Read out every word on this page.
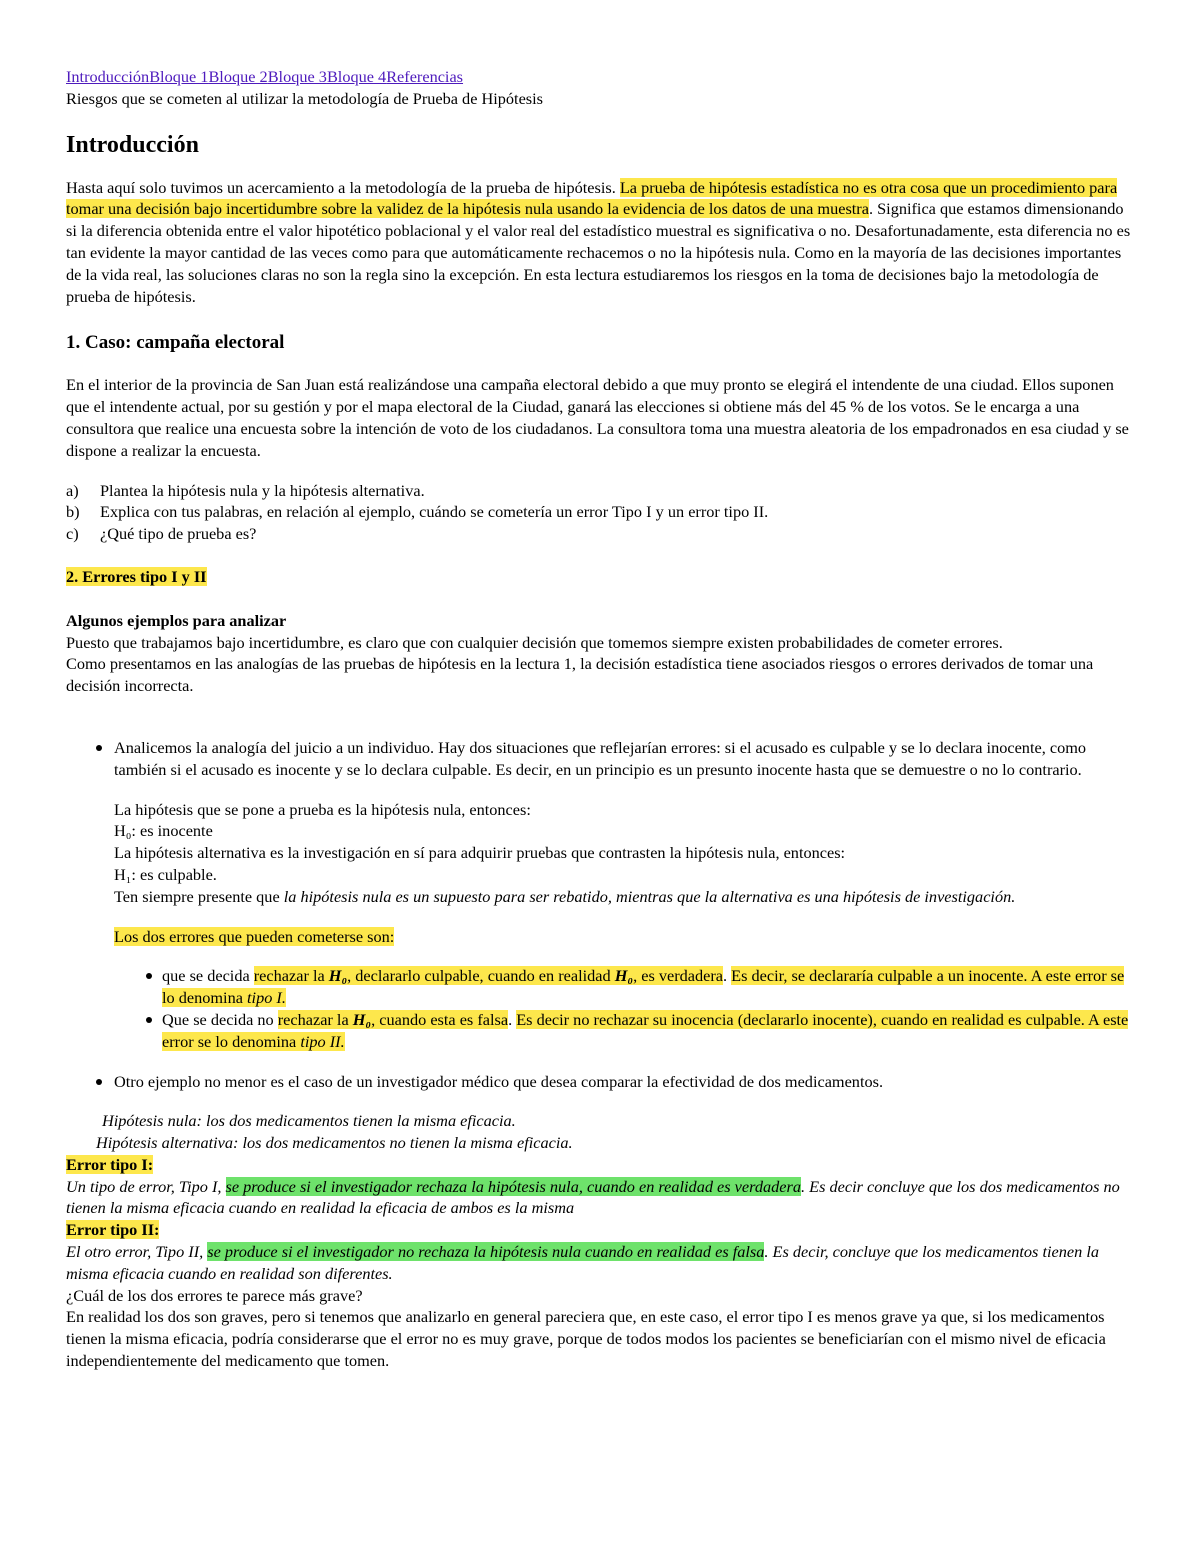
IntroducciónBloque 1Bloque 2Bloque 3Bloque 4Referencias

Riesgos que se cometen al utilizar la metodología de Prueba de Hipótesis

Introducción

Hasta aquí solo tuvimos un acercamiento a la metodología de la prueba de hipótesis. La prueba de hipótesis estadística no es otra cosa que un procedimiento para tomar una decisión bajo incertidumbre sobre la validez de la hipótesis nula usando la evidencia de los datos de una muestra. Significa que estamos dimensionando si la diferencia obtenida entre el valor hipotético poblacional y el valor real del estadístico muestral es significativa o no. Desafortunadamente, esta diferencia no es tan evidente la mayor cantidad de las veces como para que automáticamente rechacemos o no la hipótesis nula. Como en la mayoría de las decisiones importantes de la vida real, las soluciones claras no son la regla sino la excepción. En esta lectura estudiaremos los riesgos en la toma de decisiones bajo la metodología de prueba de hipótesis.

1. Caso: campaña electoral

En el interior de la provincia de San Juan está realizándose una campaña electoral debido a que muy pronto se elegirá el intendente de una ciudad. Ellos suponen que el intendente actual, por su gestión y por el mapa electoral de la Ciudad, ganará las elecciones si obtiene más del 45 % de los votos. Se le encarga a una consultora que realice una encuesta sobre la intención de voto de los ciudadanos. La consultora toma una muestra aleatoria de los empadronados en esa ciudad y se dispone a realizar la encuesta.

a)	Plantea la hipótesis nula y la hipótesis alternativa.
b)	Explica con tus palabras, en relación al ejemplo, cuándo se cometería un error Tipo I y un error tipo II.
c)	¿Qué tipo de prueba es?

2. Errores tipo I y II

Algunos ejemplos para analizar

Puesto que trabajamos bajo incertidumbre, es claro que con cualquier decisión que tomemos siempre existen probabilidades de cometer errores.

Como presentamos en las analogías de las pruebas de hipótesis en la lectura 1, la decisión estadística tiene asociados riesgos o errores derivados de tomar una decisión incorrecta.

Analicemos la analogía del juicio a un individuo. Hay dos situaciones que reflejarían errores: si el acusado es culpable y se lo declara inocente, como también si el acusado es inocente y se lo declara culpable. Es decir, en un principio es un presunto inocente hasta que se demuestre o no lo contrario.

La hipótesis que se pone a prueba es la hipótesis nula, entonces:

H₀: es inocente

La hipótesis alternativa es la investigación en sí para adquirir pruebas que contrasten la hipótesis nula, entonces:

H₁: es culpable.

Ten siempre presente que la hipótesis nula es un supuesto para ser rebatido, mientras que la alternativa es una hipótesis de investigación.

Los dos errores que pueden cometerse son:

que se decida rechazar la H₀, declararlo culpable, cuando en realidad H₀, es verdadera. Es decir, se declararía culpable a un inocente. A este error se lo denomina tipo I.
Que se decida no rechazar la H₀, cuando esta es falsa. Es decir no rechazar su inocencia (declararlo inocente), cuando en realidad es culpable. A este error se lo denomina tipo II.
Otro ejemplo no menor es el caso de un investigador médico que desea comparar la efectividad de dos medicamentos.

Hipótesis nula: los dos medicamentos tienen la misma eficacia.

Hipótesis alternativa: los dos medicamentos no tienen la misma eficacia.

Error tipo I:

Un tipo de error, Tipo I, se produce si el investigador rechaza la hipótesis nula, cuando en realidad es verdadera. Es decir concluye que los dos medicamentos no tienen la misma eficacia cuando en realidad la eficacia de ambos es la misma

Error tipo II:

El otro error, Tipo II, se produce si el investigador no rechaza la hipótesis nula cuando en realidad es falsa. Es decir, concluye que los medicamentos tienen la misma eficacia cuando en realidad son diferentes.

¿Cuál de los dos errores te parece más grave?

En realidad los dos son graves, pero si tenemos que analizarlo en general pareciera que, en este caso, el error tipo I es menos grave ya que, si los medicamentos tienen la misma eficacia, podría considerarse que el error no es muy grave, porque de todos modos los pacientes se beneficiarían con el mismo nivel de eficacia independientemente del medicamento que tomen.
